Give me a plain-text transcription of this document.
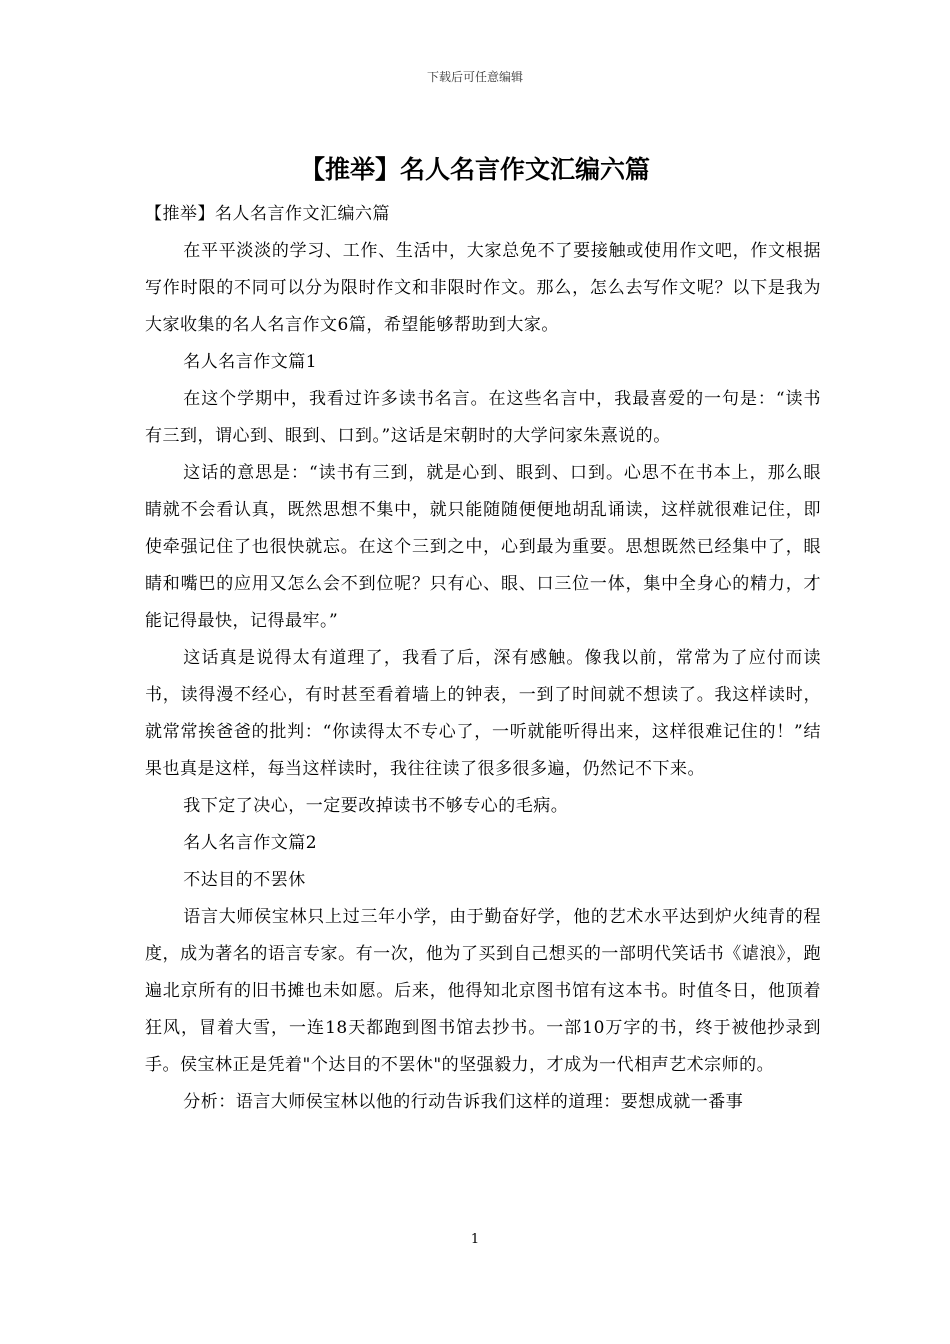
下载后可任意编辑

【推举】名人名言作文汇编六篇

【推举】名人名言作文汇编六篇

在平平淡淡的学习、工作、生活中，大家总免不了要接触或使用作文吧，作文根据写作时限的不同可以分为限时作文和非限时作文。那么，怎么去写作文呢？以下是我为大家收集的名人名言作文6篇，希望能够帮助到大家。

名人名言作文篇1

在这个学期中，我看过许多读书名言。在这些名言中，我最喜爱的一句是：“读书有三到，谓心到、眼到、口到。”这话是宋朝时的大学问家朱熹说的。

这话的意思是：“读书有三到，就是心到、眼到、口到。心思不在书本上，那么眼睛就不会看认真，既然思想不集中，就只能随随便便地胡乱诵读，这样就很难记住，即使牵强记住了也很快就忘。在这个三到之中，心到最为重要。思想既然已经集中了，眼睛和嘴巴的应用又怎么会不到位呢？只有心、眼、口三位一体，集中全身心的精力，才能记得最快，记得最牢。”

这话真是说得太有道理了，我看了后，深有感触。像我以前，常常为了应付而读书，读得漫不经心，有时甚至看着墙上的钟表，一到了时间就不想读了。我这样读时，就常常挨爸爸的批判：“你读得太不专心了，一听就能听得出来，这样很难记住的！”结果也真是这样，每当这样读时，我往往读了很多很多遍，仍然记不下来。

我下定了决心，一定要改掉读书不够专心的毛病。

名人名言作文篇2

不达目的不罢休

语言大师侯宝林只上过三年小学，由于勤奋好学，他的艺术水平达到炉火纯青的程度，成为著名的语言专家。有一次，他为了买到自己想买的一部明代笑话书《谑浪》，跑遍北京所有的旧书摊也未如愿。后来，他得知北京图书馆有这本书。时值冬日，他顶着狂风，冒着大雪，一连18天都跑到图书馆去抄书。一部10万字的书，终于被他抄录到手。侯宝林正是凭着"个达目的不罢休"的坚强毅力，才成为一代相声艺术宗师的。

分析：语言大师侯宝林以他的行动告诉我们这样的道理：要想成就一番事

1
